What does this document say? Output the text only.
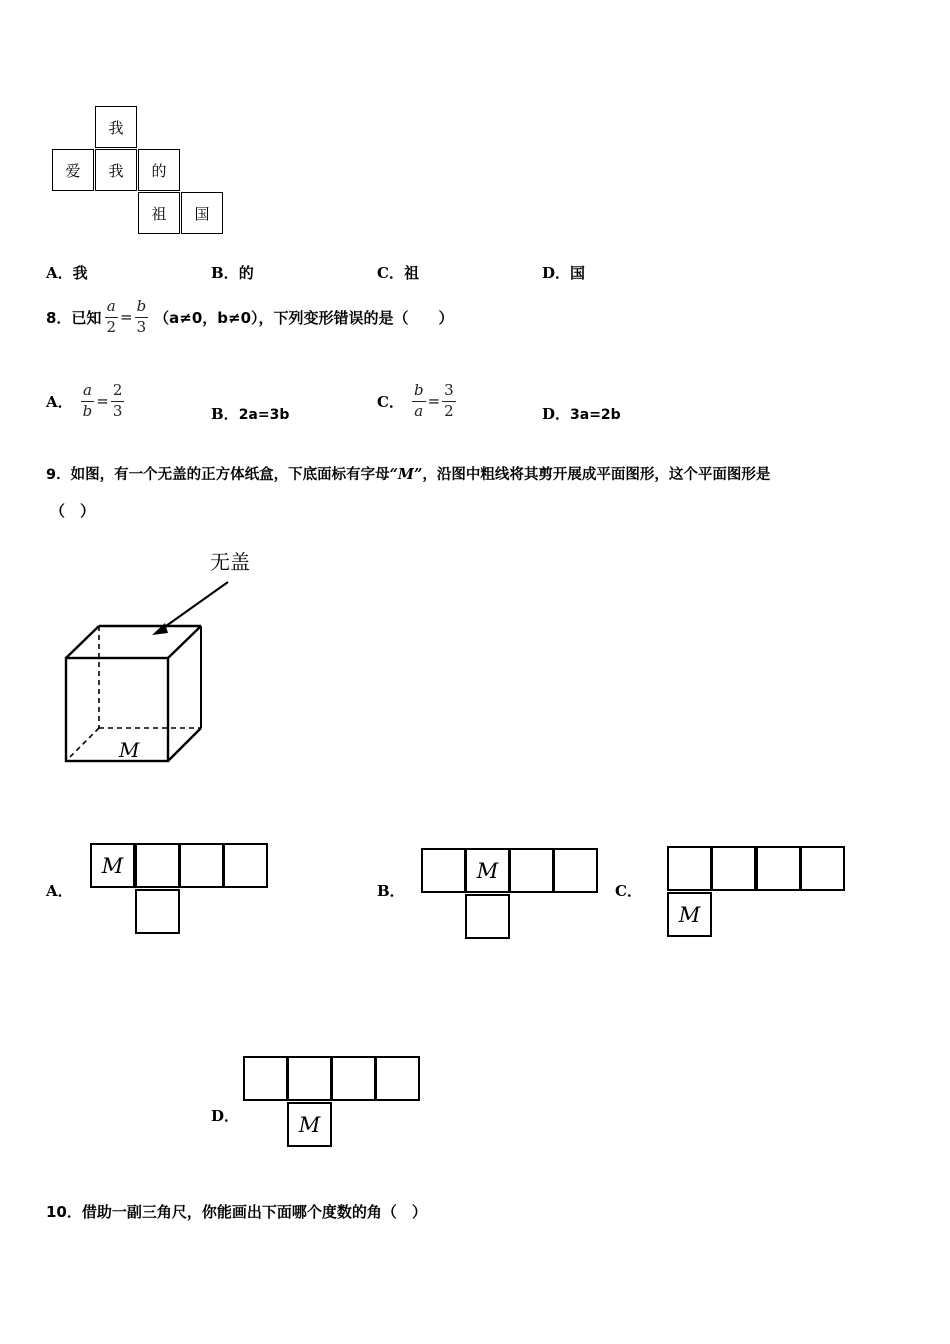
我
爱	我	的
祖	国
A．我	B．的	C．祖	D．国
8．已知 $\frac{a}{2} = \frac{b}{3} (a\ne 0$，b≠0），下列变形错误的是（　　）
A． $\frac{a}{b} = \frac{2}{3}$	B．2a=3b
C． $\frac{b}{a} = \frac{3}{2}$	D．3a=2b
9．如图，有一个无盖的正方体纸盒，下底面标有字母“M”，沿图中粗线将其剪开展成平面图形，这个平面图形是
（　）
无盖
M
A．
M
B．
M
C．
M
D．	M
10．借助一副三角尺，你能画出下面哪个度数的角（　）
